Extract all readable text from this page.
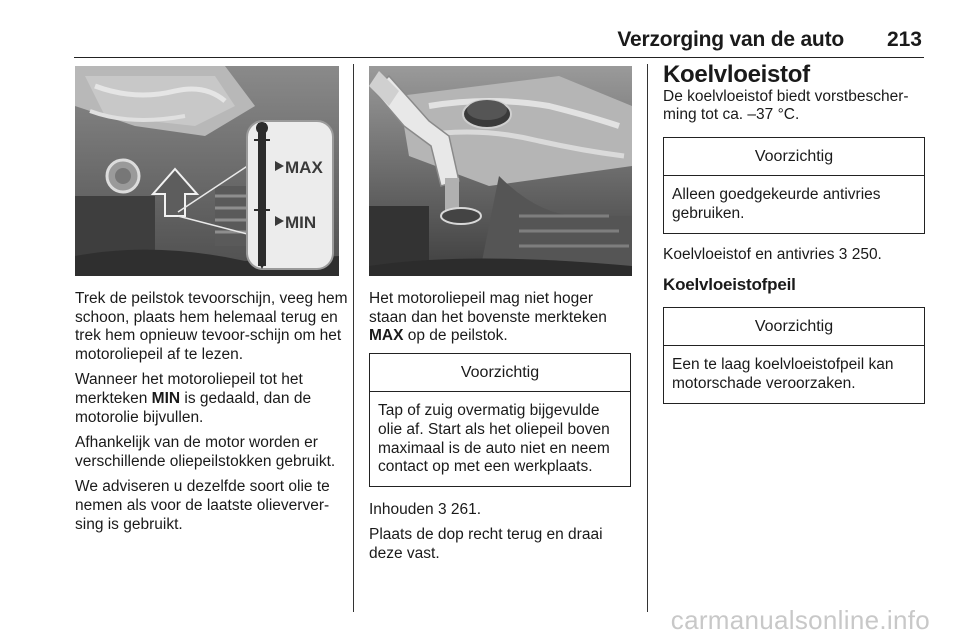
Verzorging van de auto 213
MAX
MIN

Trek de peilstok tevoorschijn, veeg hem schoon, plaats hem helemaal terug en trek hem opnieuw tevoor-schijn om het motoroliepeil af te lezen.

Wanneer het motoroliepeil tot het merkteken MIN is gedaald, dan de motorolie bijvullen.

Afhankelijk van de motor worden er verschillende oliepeilstokken gebruikt.

We adviseren u dezelfde soort olie te nemen als voor de laatste olieverver-sing is gebruikt.

Het motoroliepeil mag niet hoger staan dan het bovenste merkteken MAX op de peilstok.

Voorzichtig
Tap of zuig overmatig bijgevulde olie af. Start als het oliepeil boven maximaal is de auto niet en neem contact op met een werkplaats.

Inhouden 3 261.

Plaats de dop recht terug en draai deze vast.

Koelvloeistof

De koelvloeistof biedt vorstbescher-ming tot ca. –37 °C.

Voorzichtig
Alleen goedgekeurde antivries gebruiken.

Koelvloeistof en antivries 3 250.

Koelvloeistofpeil
Voorzichtig
Een te laag koelvloeistofpeil kan motorschade veroorzaken.
carmanualsonline.info
